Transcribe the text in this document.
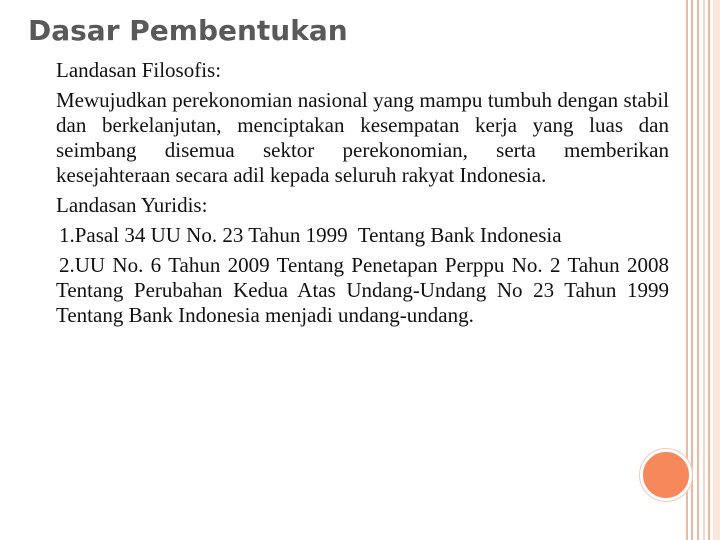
Dasar Pembentukan

Landasan Filosofis:

Mewujudkan perekonomian nasional yang mampu tumbuh dengan stabil dan berkelanjutan, menciptakan kesempatan kerja yang luas dan seimbang disemua sektor perekonomian, serta memberikan kesejahteraan secara adil kepada seluruh rakyat Indonesia.

Landasan Yuridis:

1.Pasal 34 UU No. 23 Tahun 1999  Tentang Bank Indonesia

2.UU No. 6 Tahun 2009 Tentang Penetapan Perppu No. 2 Tahun 2008 Tentang Perubahan Kedua Atas Undang-Undang No 23 Tahun 1999 Tentang Bank Indonesia menjadi undang-undang.
